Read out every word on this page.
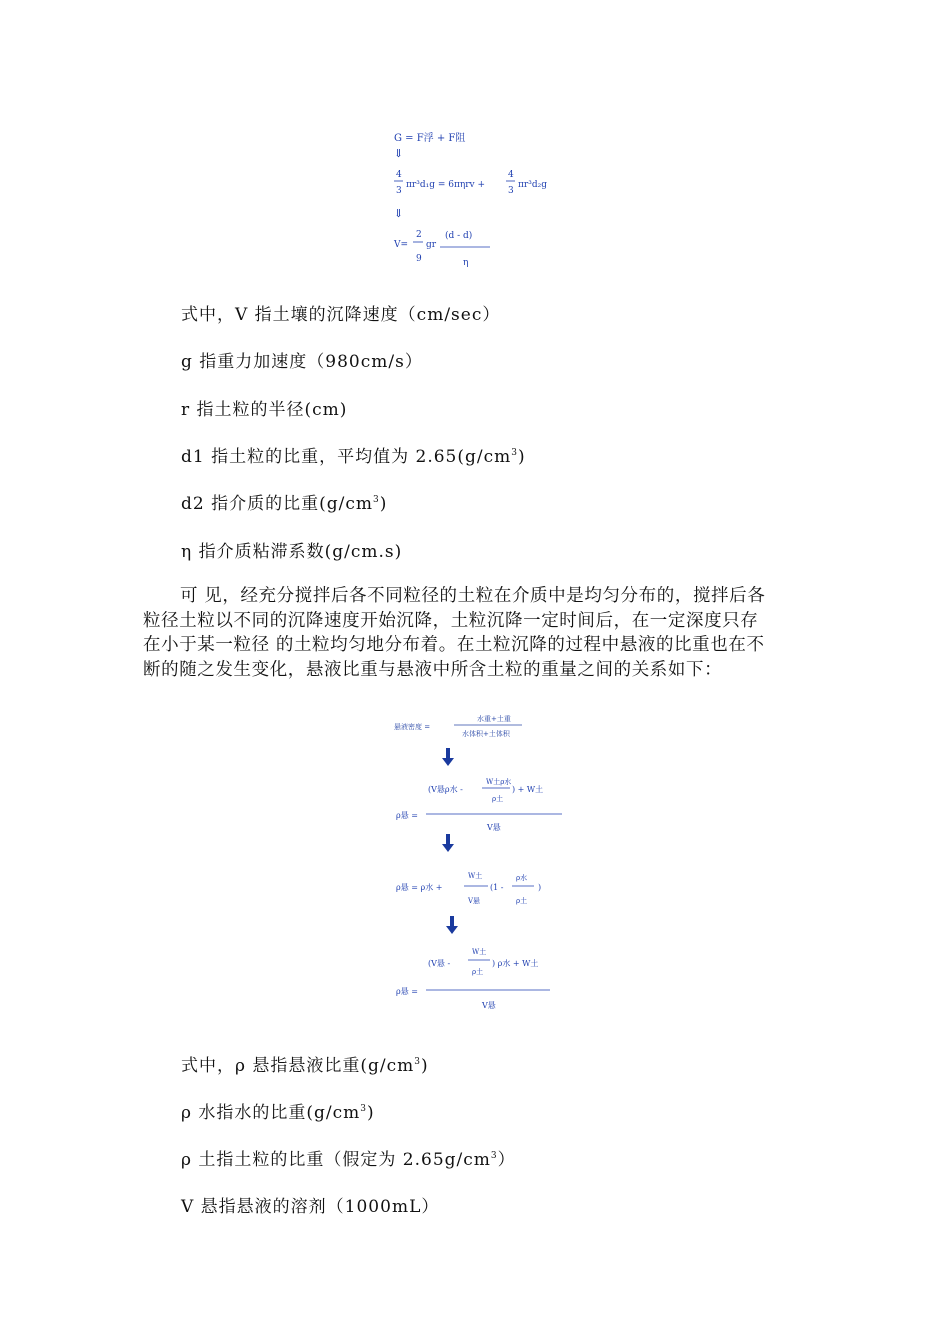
G = F浮 + F阻
⇓
4
3
πr³d₁g = 6πηrv +
4
3
πr³d₂g
⇓
V=
2
9
gr
(d - d)
η
式中，V 指土壤的沉降速度（cm/sec）
g 指重力加速度（980cm/s）
r 指土粒的半径(cm)
d1 指土粒的比重，平均值为 $2.65(g/cm^3)$
d2 指介质的比重$(g/cm^3)$
η 指介质粘滞系数(g/cm.s)

可 见，经充分搅拌后各不同粒径的土粒在介质中是均匀分布的，搅拌后各

粒径土粒以不同的沉降速度开始沉降，土粒沉降一定时间后，在一定深度只存

在小于某一粒径 的土粒均匀地分布着。在土粒沉降的过程中悬液的比重也在不

断的随之发生变化，悬液比重与悬液中所含土粒的重量之间的关系如下：

悬液密度 =
水重+土重
水体积+土体积
(V悬ρ水 -
W土ρ水
ρ土
) + W土
ρ悬 =
V悬
ρ悬 = ρ水 +
W土
V悬
(1 -
ρ水
ρ土
)
(V悬 -
W土
ρ土
) ρ水 + W土
ρ悬 =
V悬
式中，ρ 悬指悬液比重$(g/cm^3)$
ρ 水指水的比重$(g/cm^3)$
ρ 土指土粒的比重（假定为 $2.65g/cm^3$）
V 悬指悬液的溶剂（1000mL）
